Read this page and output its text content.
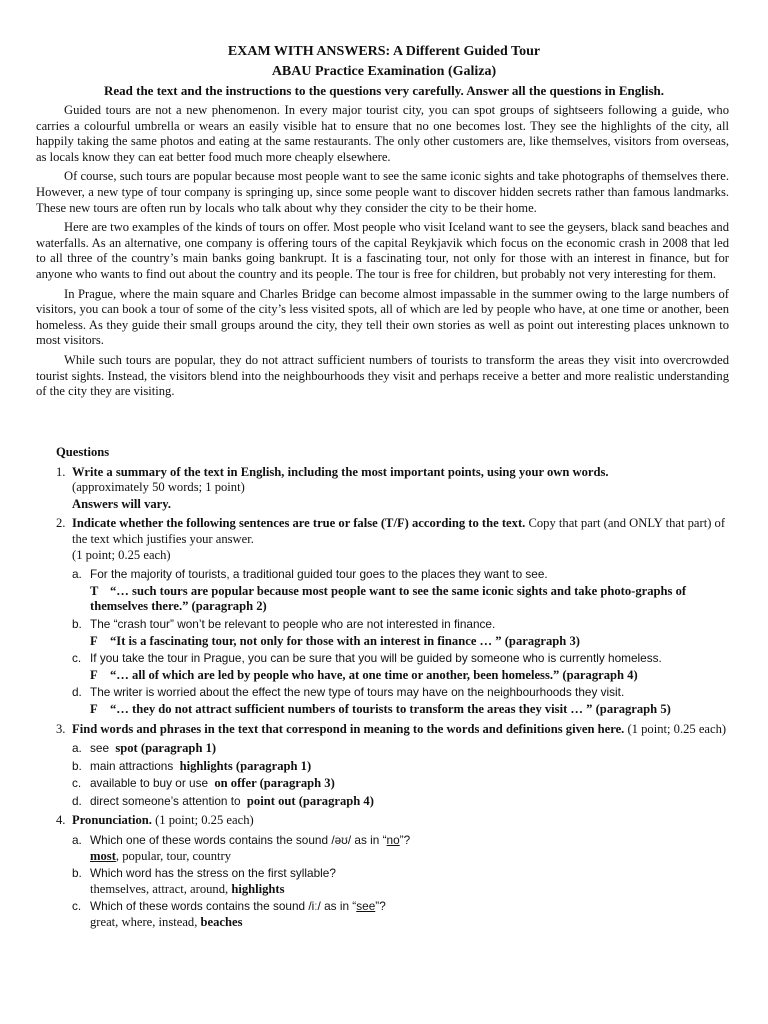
EXAM WITH ANSWERS: A Different Guided Tour
ABAU Practice Examination (Galiza)
Read the text and the instructions to the questions very carefully. Answer all the questions in English.

Guided tours are not a new phenomenon. In every major tourist city, you can spot groups of sightseers following a guide, who carries a colourful umbrella or wears an easily visible hat to ensure that no one becomes lost. They see the highlights of the city, all happily taking the same photos and eating at the same restaurants. The only other customers are, like themselves, visitors from overseas, as locals know they can eat better food much more cheaply elsewhere.

Of course, such tours are popular because most people want to see the same iconic sights and take photographs of themselves there. However, a new type of tour company is springing up, since some people want to discover hidden secrets rather than famous landmarks. These new tours are often run by locals who talk about why they consider the city to be their home.

Here are two examples of the kinds of tours on offer. Most people who visit Iceland want to see the geysers, black sand beaches and waterfalls. As an alternative, one company is offering tours of the capital Reykjavik which focus on the economic crash in 2008 that led to all three of the country’s main banks going bankrupt. It is a fascinating tour, not only for those with an interest in finance, but for anyone who wants to find out about the country and its people. The tour is free for children, but probably not very interesting for them.

In Prague, where the main square and Charles Bridge can become almost impassable in the summer owing to the large numbers of visitors, you can book a tour of some of the city’s less visited spots, all of which are led by people who have, at one time or another, been homeless. As they guide their small groups around the city, they tell their own stories as well as point out interesting places unknown to most visitors.

While such tours are popular, they do not attract sufficient numbers of tourists to transform the areas they visit into overcrowded tourist sights. Instead, the visitors blend into the neighbourhoods they visit and perhaps receive a better and more realistic understanding of the city they are visiting.

Questions
1. Write a summary of the text in English, including the most important points, using your own words.
(approximately 50 words; 1 point)
Answers will vary.
2. Indicate whether the following sentences are true or false (T/F) according to the text. Copy that part (and ONLY that part) of the text which justifies your answer.
(1 point; 0.25 each)
a. For the majority of tourists, a traditional guided tour goes to the places they want to see.
T “… such tours are popular because most people want to see the same iconic sights and take photo-graphs of themselves there.” (paragraph 2)
b. The “crash tour” won’t be relevant to people who are not interested in finance.
F “It is a fascinating tour, not only for those with an interest in finance … ” (paragraph 3)
c. If you take the tour in Prague, you can be sure that you will be guided by someone who is currently homeless.
F “… all of which are led by people who have, at one time or another, been homeless.” (paragraph 4)
d. The writer is worried about the effect the new type of tours may have on the neighbourhoods they visit.
F “… they do not attract sufficient numbers of tourists to transform the areas they visit … ” (paragraph 5)
3. Find words and phrases in the text that correspond in meaning to the words and definitions given here. (1 point; 0.25 each)
a. see spot (paragraph 1)
b. main attractions highlights (paragraph 1)
c. available to buy or use on offer (paragraph 3)
d. direct someone’s attention to point out (paragraph 4)
4. Pronunciation. (1 point; 0.25 each)
a. Which one of these words contains the sound /əʊ/ as in “no”?
most, popular, tour, country
b. Which word has the stress on the first syllable?
themselves, attract, around, highlights
c. Which of these words contains the sound /iː/ as in “see”?
great, where, instead, beaches
